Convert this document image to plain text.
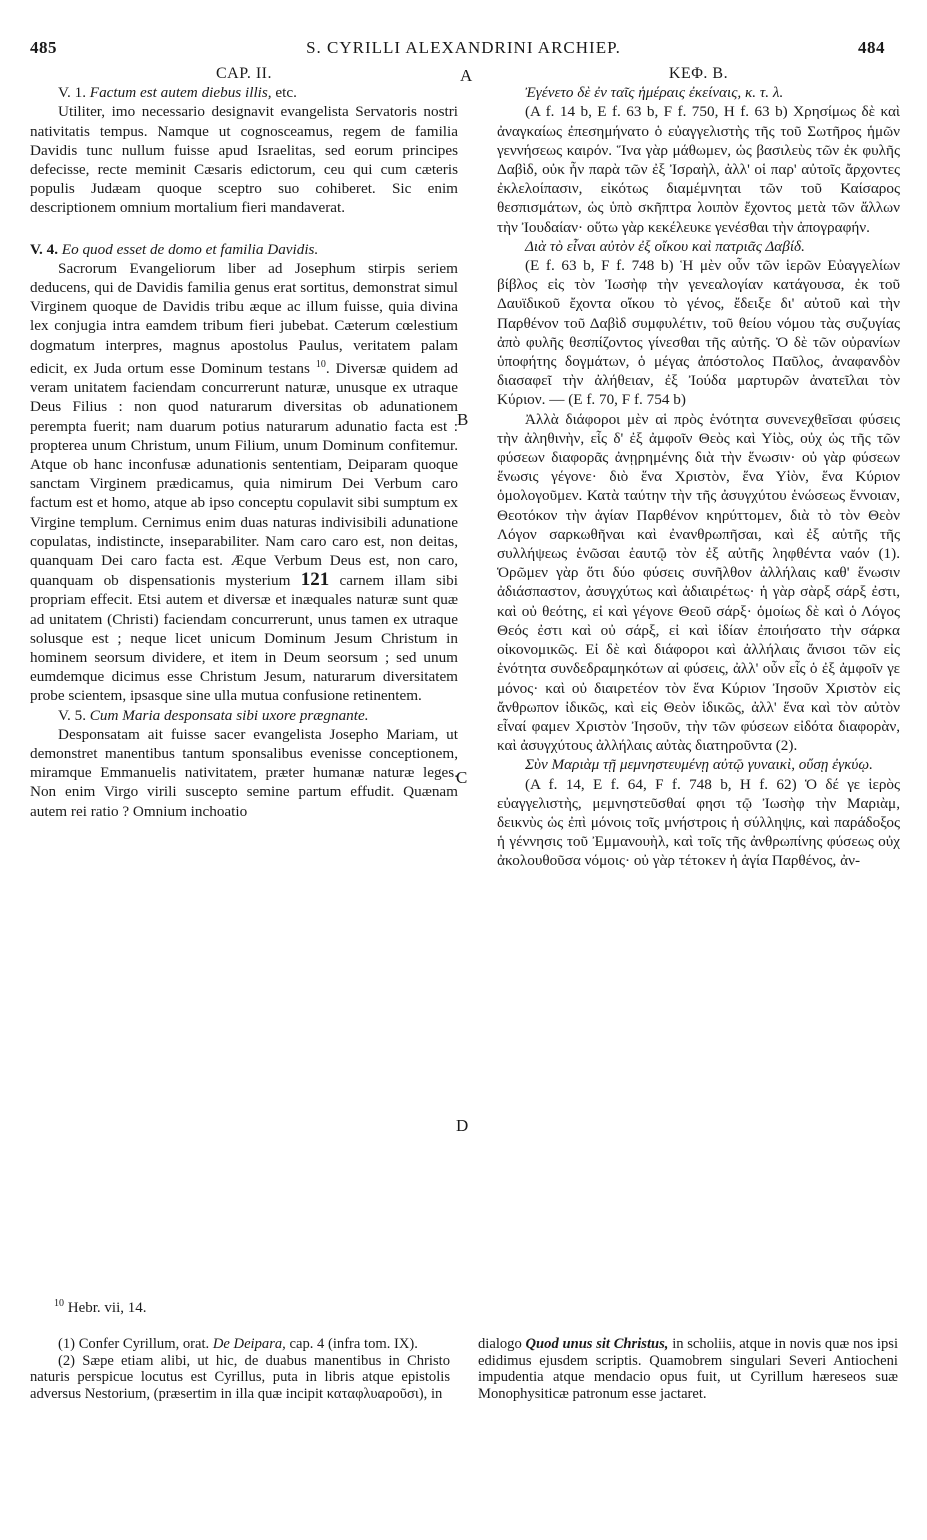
485	S. CYRILLI ALEXANDRINI ARCHIEP.	484
A
B
C
D
CAP. II.

V. 1. Factum est autem diebus illis, etc.

Utiliter, imo necessario designavit evangelista Servatoris nostri nativitatis tempus. Namque ut cognosceamus, regem de familia Davidis tunc nullum fuisse apud Israelitas, sed eorum principes defecisse, recte meminit Cæsaris edictorum, ceu qui cum cæteris populis Judæam quoque sceptro suo cohiberet. Sic enim descriptionem omnium mortalium fieri mandaverat.

V. 4. Eo quod esset de domo et familia Davidis.

Sacrorum Evangeliorum liber ad Josephum stirpis seriem deducens, qui de Davidis familia genus erat sortitus, demonstrat simul Virginem quoque de Davidis tribu æque ac illum fuisse, quia divina lex conjugia intra eamdem tribum fieri jubebat. Cæterum cœlestium dogmatum interpres, magnus apostolus Paulus, veritatem palam edicit, ex Juda ortum esse Dominum testans $^{10}$. Diversæ quidem ad veram unitatem faciendam concurrerunt naturæ, unusque ex utraque Deus Filius : non quod naturarum diversitas ob adunationem perempta fuerit; nam duarum potius naturarum adunatio facta est : propterea unum Christum, unum Filium, unum Dominum confitemur. Atque ob hanc inconfusæ adunationis sententiam, Deiparam quoque sanctam Virginem prædicamus, quia nimirum Dei Verbum caro factum est et homo, atque ab ipso conceptu copulavit sibi sumptum ex Virgine templum. Cernimus enim duas naturas indivisibili adunatione copulatas, indistincte, inseparabiliter. Nam caro caro est, non deitas, quanquam Dei caro facta est. Æque Verbum Deus est, non caro, quanquam ob dispensationis mysterium 121 carnem illam sibi propriam effecit. Etsi autem et diversæ et inæquales naturæ sunt quæ ad unitatem (Christi) faciendam concurrerunt, unus tamen ex utraque solusque est ; neque licet unicum Dominum Jesum Christum in hominem seorsum dividere, et item in Deum seorsum ; sed unum eumdemque dicimus esse Christum Jesum, naturarum diversitatem probe scientem, ipsasque sine ulla mutua confusione retinentem.

V. 5. Cum Maria desponsata sibi uxore prægnante.

Desponsatam ait fuisse sacer evangelista Josepho Mariam, ut demonstret manentibus tantum sponsalibus evenisse conceptionem, miramque Emmanuelis nativitatem, præter humanæ naturæ leges. Non enim Virgo virili suscepto semine partum effudit. Quænam autem rei ratio ? Omnium inchoatio

ΚΕΦ. Β.

Ἐγένετο δὲ ἐν ταῖς ἡμέραις ἐκείναις, κ. τ. λ.

(A f. 14 b, E f. 63 b, F f. 750, H f. 63 b) Χρησίμως δὲ καὶ ἀναγκαίως ἐπεσημήνατο ὁ εὐαγγελιστὴς τῆς τοῦ Σωτῆρος ἡμῶν γεννήσεως καιρόν. Ἵνα γὰρ μάθωμεν, ὡς βασιλεὺς τῶν ἐκ φυλῆς Δαβὶδ, οὐκ ἦν παρὰ τῶν ἐξ Ἰσραὴλ, ἀλλ' οἱ παρ' αὐτοῖς ἄρχοντες ἐκλελοίπασιν, εἰκότως διαμέμνηται τῶν τοῦ Καίσαρος θεσπισμάτων, ὡς ὑπὸ σκῆπτρα λοιπὸν ἔχοντος μετὰ τῶν ἄλλων τὴν Ἰουδαίαν· οὕτω γὰρ κεκέλευκε γενέσθαι τὴν ἀπογραφήν.

Διὰ τὸ εἶναι αὐτὸν ἐξ οἴκου καὶ πατριᾶς Δαβίδ.

(E f. 63 b, F f. 748 b) Ἡ μὲν οὖν τῶν ἱερῶν Εὐαγγελίων βίβλος εἰς τὸν Ἰωσὴφ τὴν γενεαλογίαν κατάγουσα, ἐκ τοῦ Δαυϊδικοῦ ἔχοντα οἴκου τὸ γένος, ἔδειξε δι' αὐτοῦ καὶ τὴν Παρθένον τοῦ Δαβὶδ συμφυλέτιν, τοῦ θείου νόμου τὰς συζυγίας ἀπὸ φυλῆς θεσπίζοντος γίνεσθαι τῆς αὐτῆς. Ὁ δὲ τῶν οὐρανίων ὑποφήτης δογμάτων, ὁ μέγας ἀπόστολος Παῦλος, ἀναφανδὸν διασαφεῖ τὴν ἀλήθειαν, ἐξ Ἰούδα μαρτυρῶν ἀνατεῖλαι τὸν Κύριον. — (E f. 70, F f. 754 b)

Ἀλλὰ διάφοροι μὲν αἱ πρὸς ἑνότητα συνενεχθεῖσαι φύσεις τὴν ἀληθινὴν, εἷς δ' ἐξ ἀμφοῖν Θεὸς καὶ Υἱὸς, οὐχ ὡς τῆς τῶν φύσεων διαφορᾶς ἀνῃρημένης διὰ τὴν ἕνωσιν· οὐ γὰρ φύσεων ἕνωσις γέγονε· διὸ ἕνα Χριστὸν, ἕνα Υἱὸν, ἕνα Κύριον ὁμολογοῦμεν. Κατὰ ταύτην τὴν τῆς ἀσυγχύτου ἑνώσεως ἔννοιαν, Θεοτόκον τὴν ἁγίαν Παρθένον κηρύττομεν, διὰ τὸ τὸν Θεὸν Λόγον σαρκωθῆναι καὶ ἐνανθρωπῆσαι, καὶ ἐξ αὐτῆς τῆς συλλήψεως ἑνῶσαι ἑαυτῷ τὸν ἐξ αὐτῆς ληφθέντα ναόν (1). Ὁρῶμεν γὰρ ὅτι δύο φύσεις συνῆλθον ἀλλήλαις καθ' ἕνωσιν ἀδιάσπαστον, ἀσυγχύτως καὶ ἀδιαιρέτως· ἡ γὰρ σὰρξ σάρξ ἐστι, καὶ οὐ θεότης, εἰ καὶ γέγονε Θεοῦ σάρξ· ὁμοίως δὲ καὶ ὁ Λόγος Θεός ἐστι καὶ οὐ σάρξ, εἰ καὶ ἰδίαν ἐποιήσατο τὴν σάρκα οἰκονομικῶς. Εἰ δὲ καὶ διάφοροι καὶ ἀλλήλαις ἄνισοι τῶν εἰς ἑνότητα συνδεδραμηκότων αἱ φύσεις, ἀλλ' οὖν εἷς ὁ ἐξ ἀμφοῖν γε μόνος· καὶ οὐ διαιρετέον τὸν ἕνα Κύριον Ἰησοῦν Χριστὸν εἰς ἄνθρωπον ἰδικῶς, καὶ εἰς Θεὸν ἰδικῶς, ἀλλ' ἕνα καὶ τὸν αὐτὸν εἶναί φαμεν Χριστὸν Ἰησοῦν, τὴν τῶν φύσεων εἰδότα διαφορὰν, καὶ ἀσυγχύτους ἀλλήλαις αὐτὰς διατηροῦντα (2).

Σὺν Μαριὰμ τῇ μεμνηστευμένῃ αὐτῷ γυναικὶ, οὔσῃ ἐγκύῳ.

(A f. 14, E f. 64, F f. 748 b, H f. 62) Ὁ δέ γε ἱερὸς εὐαγγελιστὴς, μεμνηστεῦσθαί φησι τῷ Ἰωσὴφ τὴν Μαριὰμ, δεικνὺς ὡς ἐπὶ μόνοις τοῖς μνήστροις ἡ σύλληψις, καὶ παράδοξος ἡ γέννησις τοῦ Ἐμμανουὴλ, καὶ τοῖς τῆς ἀνθρωπίνης φύσεως οὐχ ἀκολουθοῦσα νόμοις· οὐ γὰρ τέτοκεν ἡ ἁγία Παρθένος, ἀν-

$^{10}$ Hebr. vii, 14.

(1) Confer Cyrillum, orat. De Deipara, cap. 4 (infra tom. IX).

(2) Sæpe etiam alibi, ut hic, de duabus manentibus in Christo naturis perspicue locutus est Cyrillus, puta in libris atque epistolis adversus Nestorium, (præsertim in illa quæ incipit καταφλυαροῦσι), in

dialogo Quod unus sit Christus, in scholiis, atque in novis quæ nos ipsi edidimus ejusdem scriptis. Quamobrem singulari Severi Antiocheni impudentia atque mendacio opus fuit, ut Cyrillum hæreseos suæ Monophysiticæ patronum esse jactaret.
